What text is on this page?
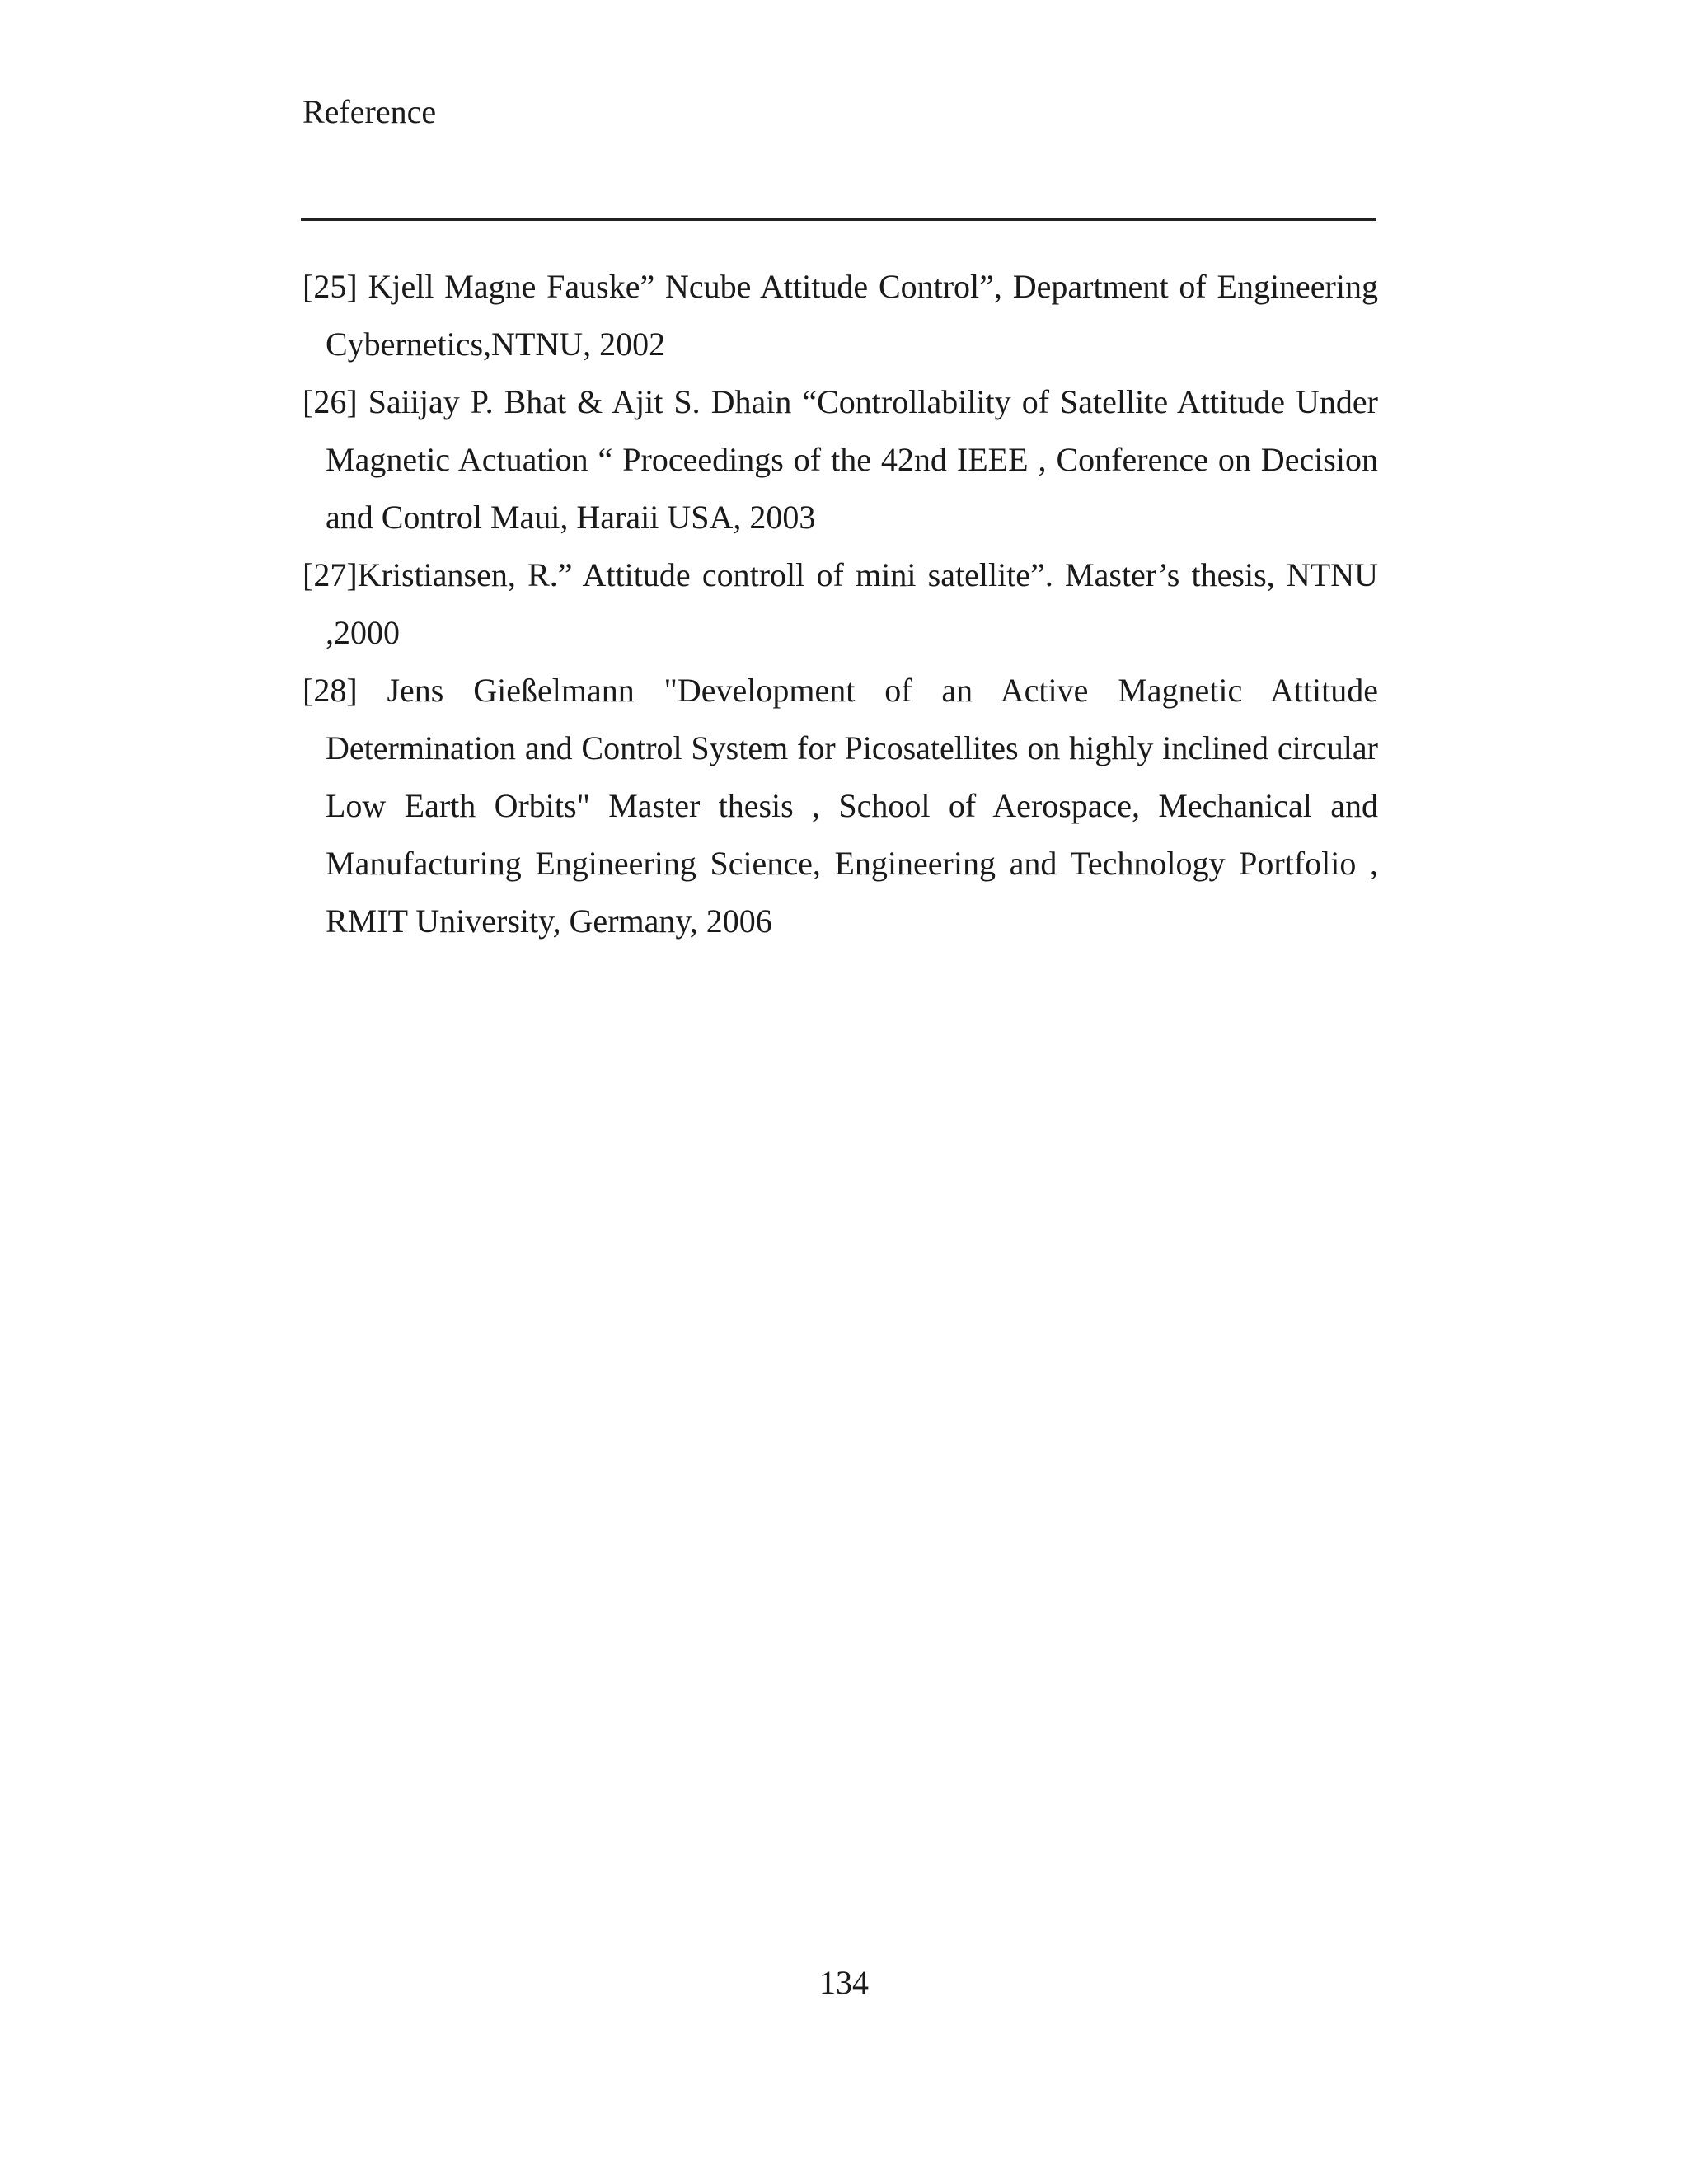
Reference
[25] Kjell Magne Fauske” Ncube Attitude Control”, Department of Engineering Cybernetics,NTNU, 2002
[26] Saiijay P. Bhat & Ajit S. Dhain “Controllability of Satellite Attitude Under Magnetic Actuation “ Proceedings of the 42nd IEEE , Conference on Decision and Control Maui, Haraii USA, 2003
[27]Kristiansen, R.” Attitude controll of mini satellite”. Master’s thesis, NTNU ,2000
[28] Jens Gießelmann "Development of an Active Magnetic Attitude Determination and Control System for Picosatellites on highly inclined circular Low Earth Orbits" Master thesis , School of Aerospace, Mechanical and Manufacturing Engineering Science, Engineering and Technology Portfolio , RMIT University, Germany, 2006
134
